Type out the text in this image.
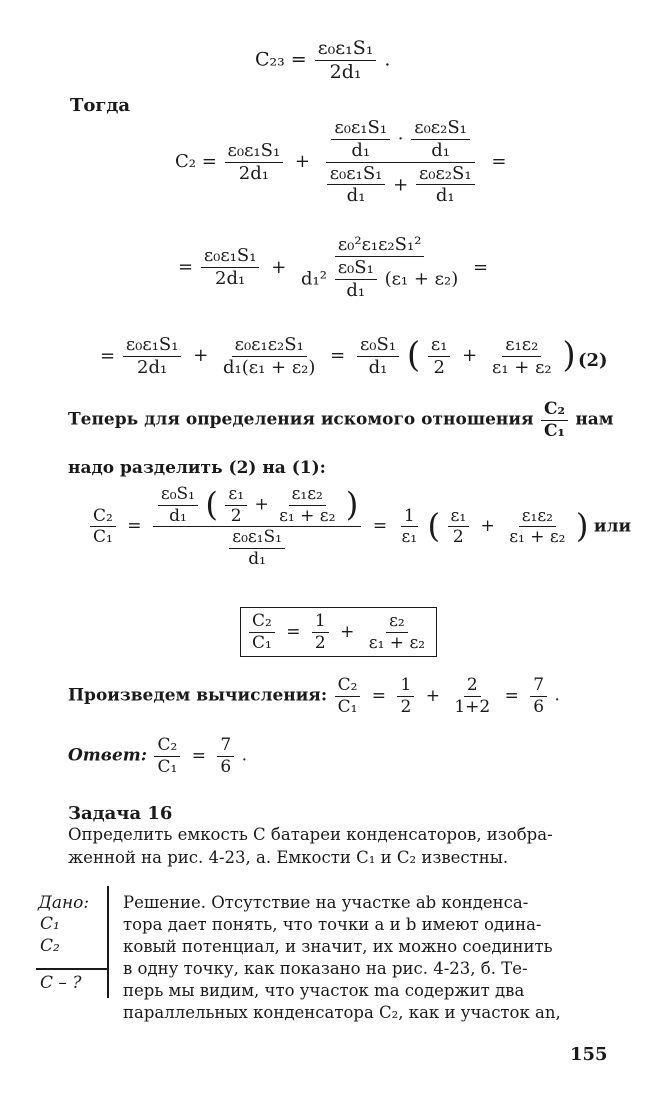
$C_{23} = \frac{\text{ε₀ε₁S₁}}{\text{2d₁}}$ .
Тогда
$C_2 = \frac{\text{ε₀ε₁S₁}}{\text{2d₁}} + \frac{\frac{\text{ε₀ε₁S₁}}{\text{d₁}} \cdot \frac{\text{ε₀ε₂S₁}}{\text{d₁}}}{\frac{\text{ε₀ε₁S₁}}{\text{d₁}} + \frac{\text{ε₀ε₂S₁}}{\text{d₁}}}$ =
= $\frac{\text{ε₀ε₁S₁}}{\text{2d₁}} + \frac{\text{ε₀²ε₁ε₂S₁²}}{d_1^2 \frac{\text{ε₀S₁}}{\text{d₁}} (\varepsilon_1 + \varepsilon_2)}$ =
= $\frac{\text{ε₀ε₁S₁}}{\text{2d₁}} + \frac{\text{ε₀ε₁ε₂S₁}}{\text{d₁(ε₁ + ε₂)}} = \frac{\text{ε₀S₁}}{\text{d₁}}$ ( $\frac{\text{ε₁}}{2} + \frac{\text{ε₁ε₂}}{\text{ε₁ + ε₂}}$ ) (2)
Теперь для определения искомого отношения $\frac{\text{C₂}}{\text{C₁}}$ нам
надо разделить (2) на (1):
$\frac{\text{C₂}}{\text{C₁}}$ =
$\frac{\text{ε₀S₁}}{\text{d₁}}$ ( $\frac{\text{ε₁}}{2} + \frac{\text{ε₁ε₂}}{\text{ε₁ + ε₂}}$ )
$\frac{\text{ε₀ε₁S₁}}{\text{d₁}}$
= $\frac{1}{\text{ε₁}}$ ( $\frac{\text{ε₁}}{2} + \frac{\text{ε₁ε₂}}{\text{ε₁ + ε₂}}$ ) или
$\frac{\text{C₂}}{\text{C₁}} = \frac{1}{2} + \frac{\text{ε₂}}{\text{ε₁ + ε₂}}$
Произведем вычисления: $\frac{\text{C₂}}{\text{C₁}} = \frac{1}{2} + \frac{2}{1+2} = \frac{7}{6}$ .
Ответ: $\frac{\text{C₂}}{\text{C₁}} = \frac{7}{6}$ .
Задача 16
Определить емкость C батареи конденсаторов, изобра-
женной на рис. 4-23, а. Емкости C₁ и C₂ известны.
Дано:
C₁
C₂
C – ?
Решение. Отсутствие на участке ab конденса-
тора дает понять, что точки a и b имеют одина-
ковый потенциал, и значит, их можно соединить
в одну точку, как показано на рис. 4-23, б. Те-
перь мы видим, что участок ma содержит два
параллельных конденсатора C₂, как и участок an,
155
